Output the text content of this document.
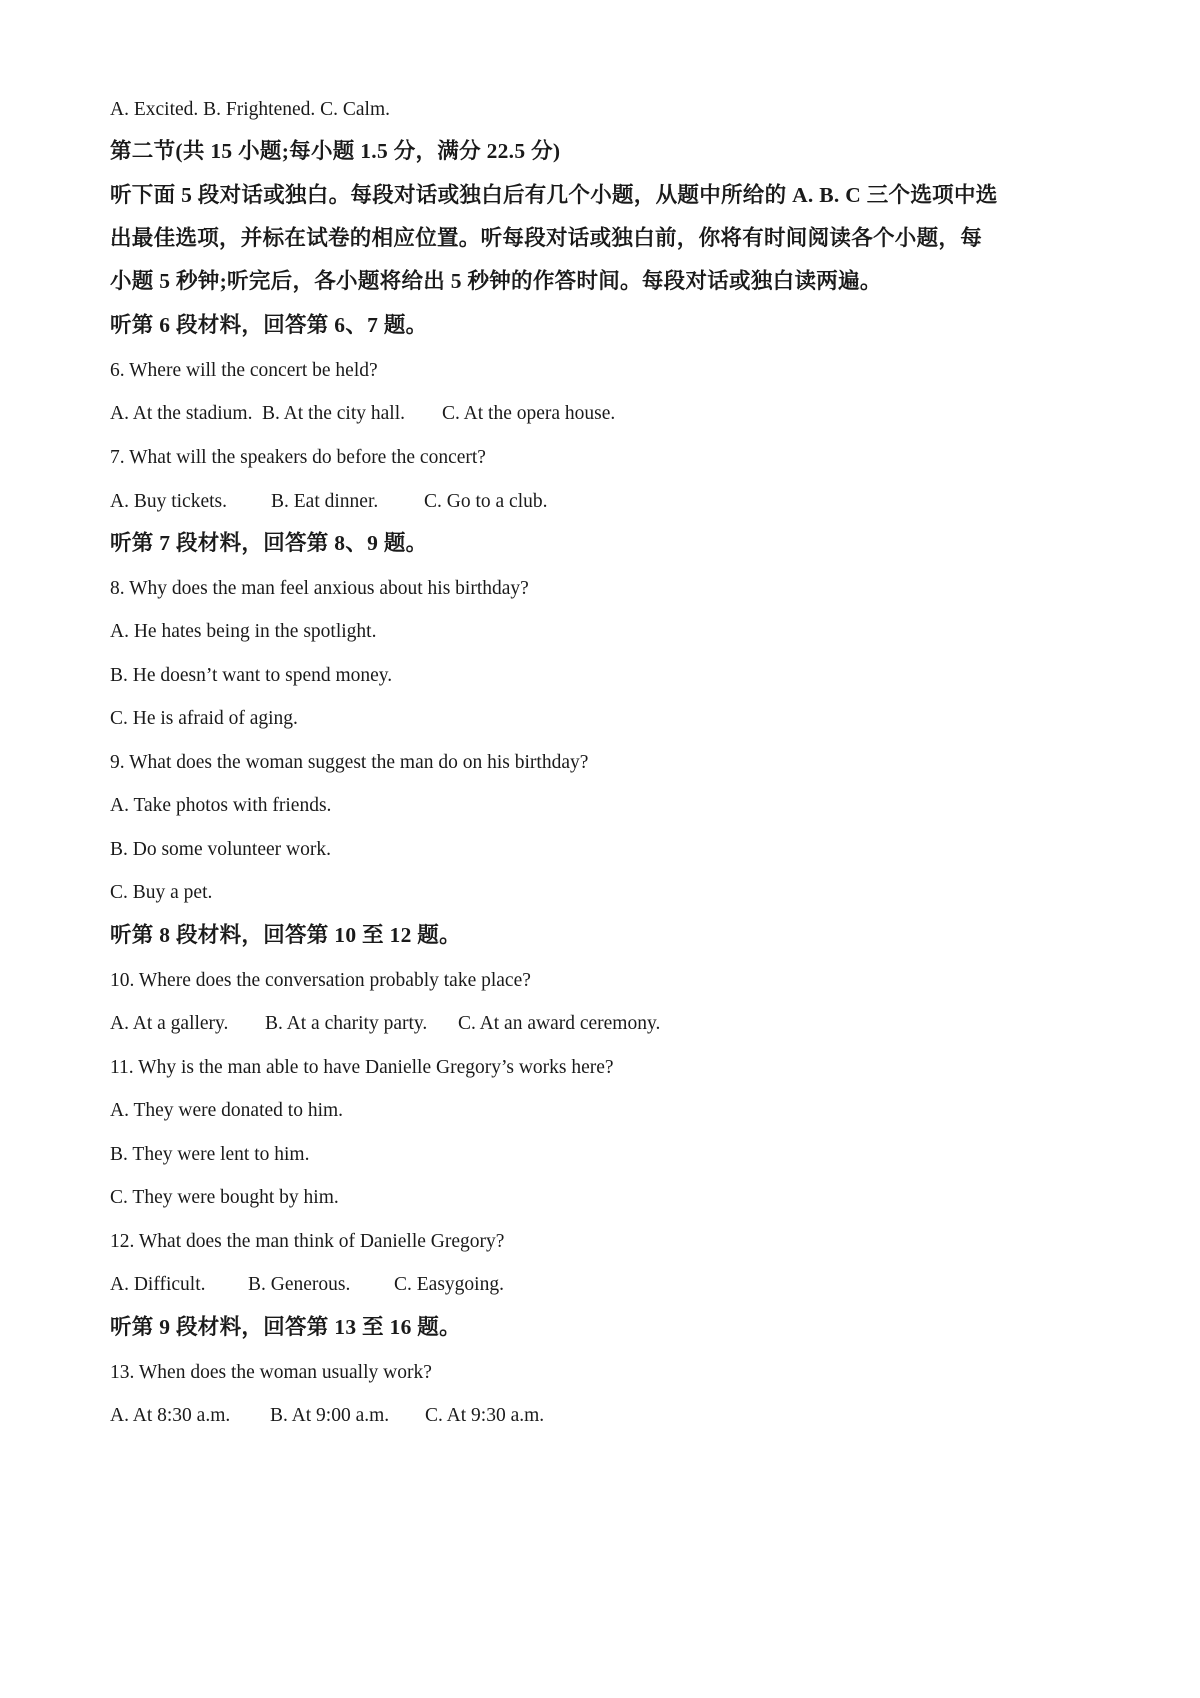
A. Excited. B. Frightened. C. Calm.

第二节(共 15 小题;每小题 1.5 分，满分 22.5 分)

听下面 5 段对话或独白。每段对话或独白后有几个小题，从题中所给的 A. B. C 三个选项中选

出最佳选项，并标在试卷的相应位置。听每段对话或独白前，你将有时间阅读各个小题，每

小题 5 秒钟;听完后，各小题将给出 5 秒钟的作答时间。每段对话或独白读两遍。

听第 6 段材料，回答第 6、7 题。

6. Where will the concert be held?

A. At the stadium. B. At the city hall. C. At the opera house.

7. What will the speakers do before the concert?

A. Buy tickets. B. Eat dinner. C. Go to a club.

听第 7 段材料，回答第 8、9 题。

8. Why does the man feel anxious about his birthday?

A. He hates being in the spotlight.

B. He doesn’t want to spend money.

C. He is afraid of aging.

9. What does the woman suggest the man do on his birthday?

A. Take photos with friends.

B. Do some volunteer work.

C. Buy a pet.

听第 8 段材料，回答第 10 至 12 题。

10. Where does the conversation probably take place?

A. At a gallery. B. At a charity party. C. At an award ceremony.

11. Why is the man able to have Danielle Gregory’s works here?

A. They were donated to him.

B. They were lent to him.

C. They were bought by him.

12. What does the man think of Danielle Gregory?

A. Difficult. B. Generous. C. Easygoing.

听第 9 段材料，回答第 13 至 16 题。

13. When does the woman usually work?

A. At 8:30 a.m. B. At 9:00 a.m. C. At 9:30 a.m.
